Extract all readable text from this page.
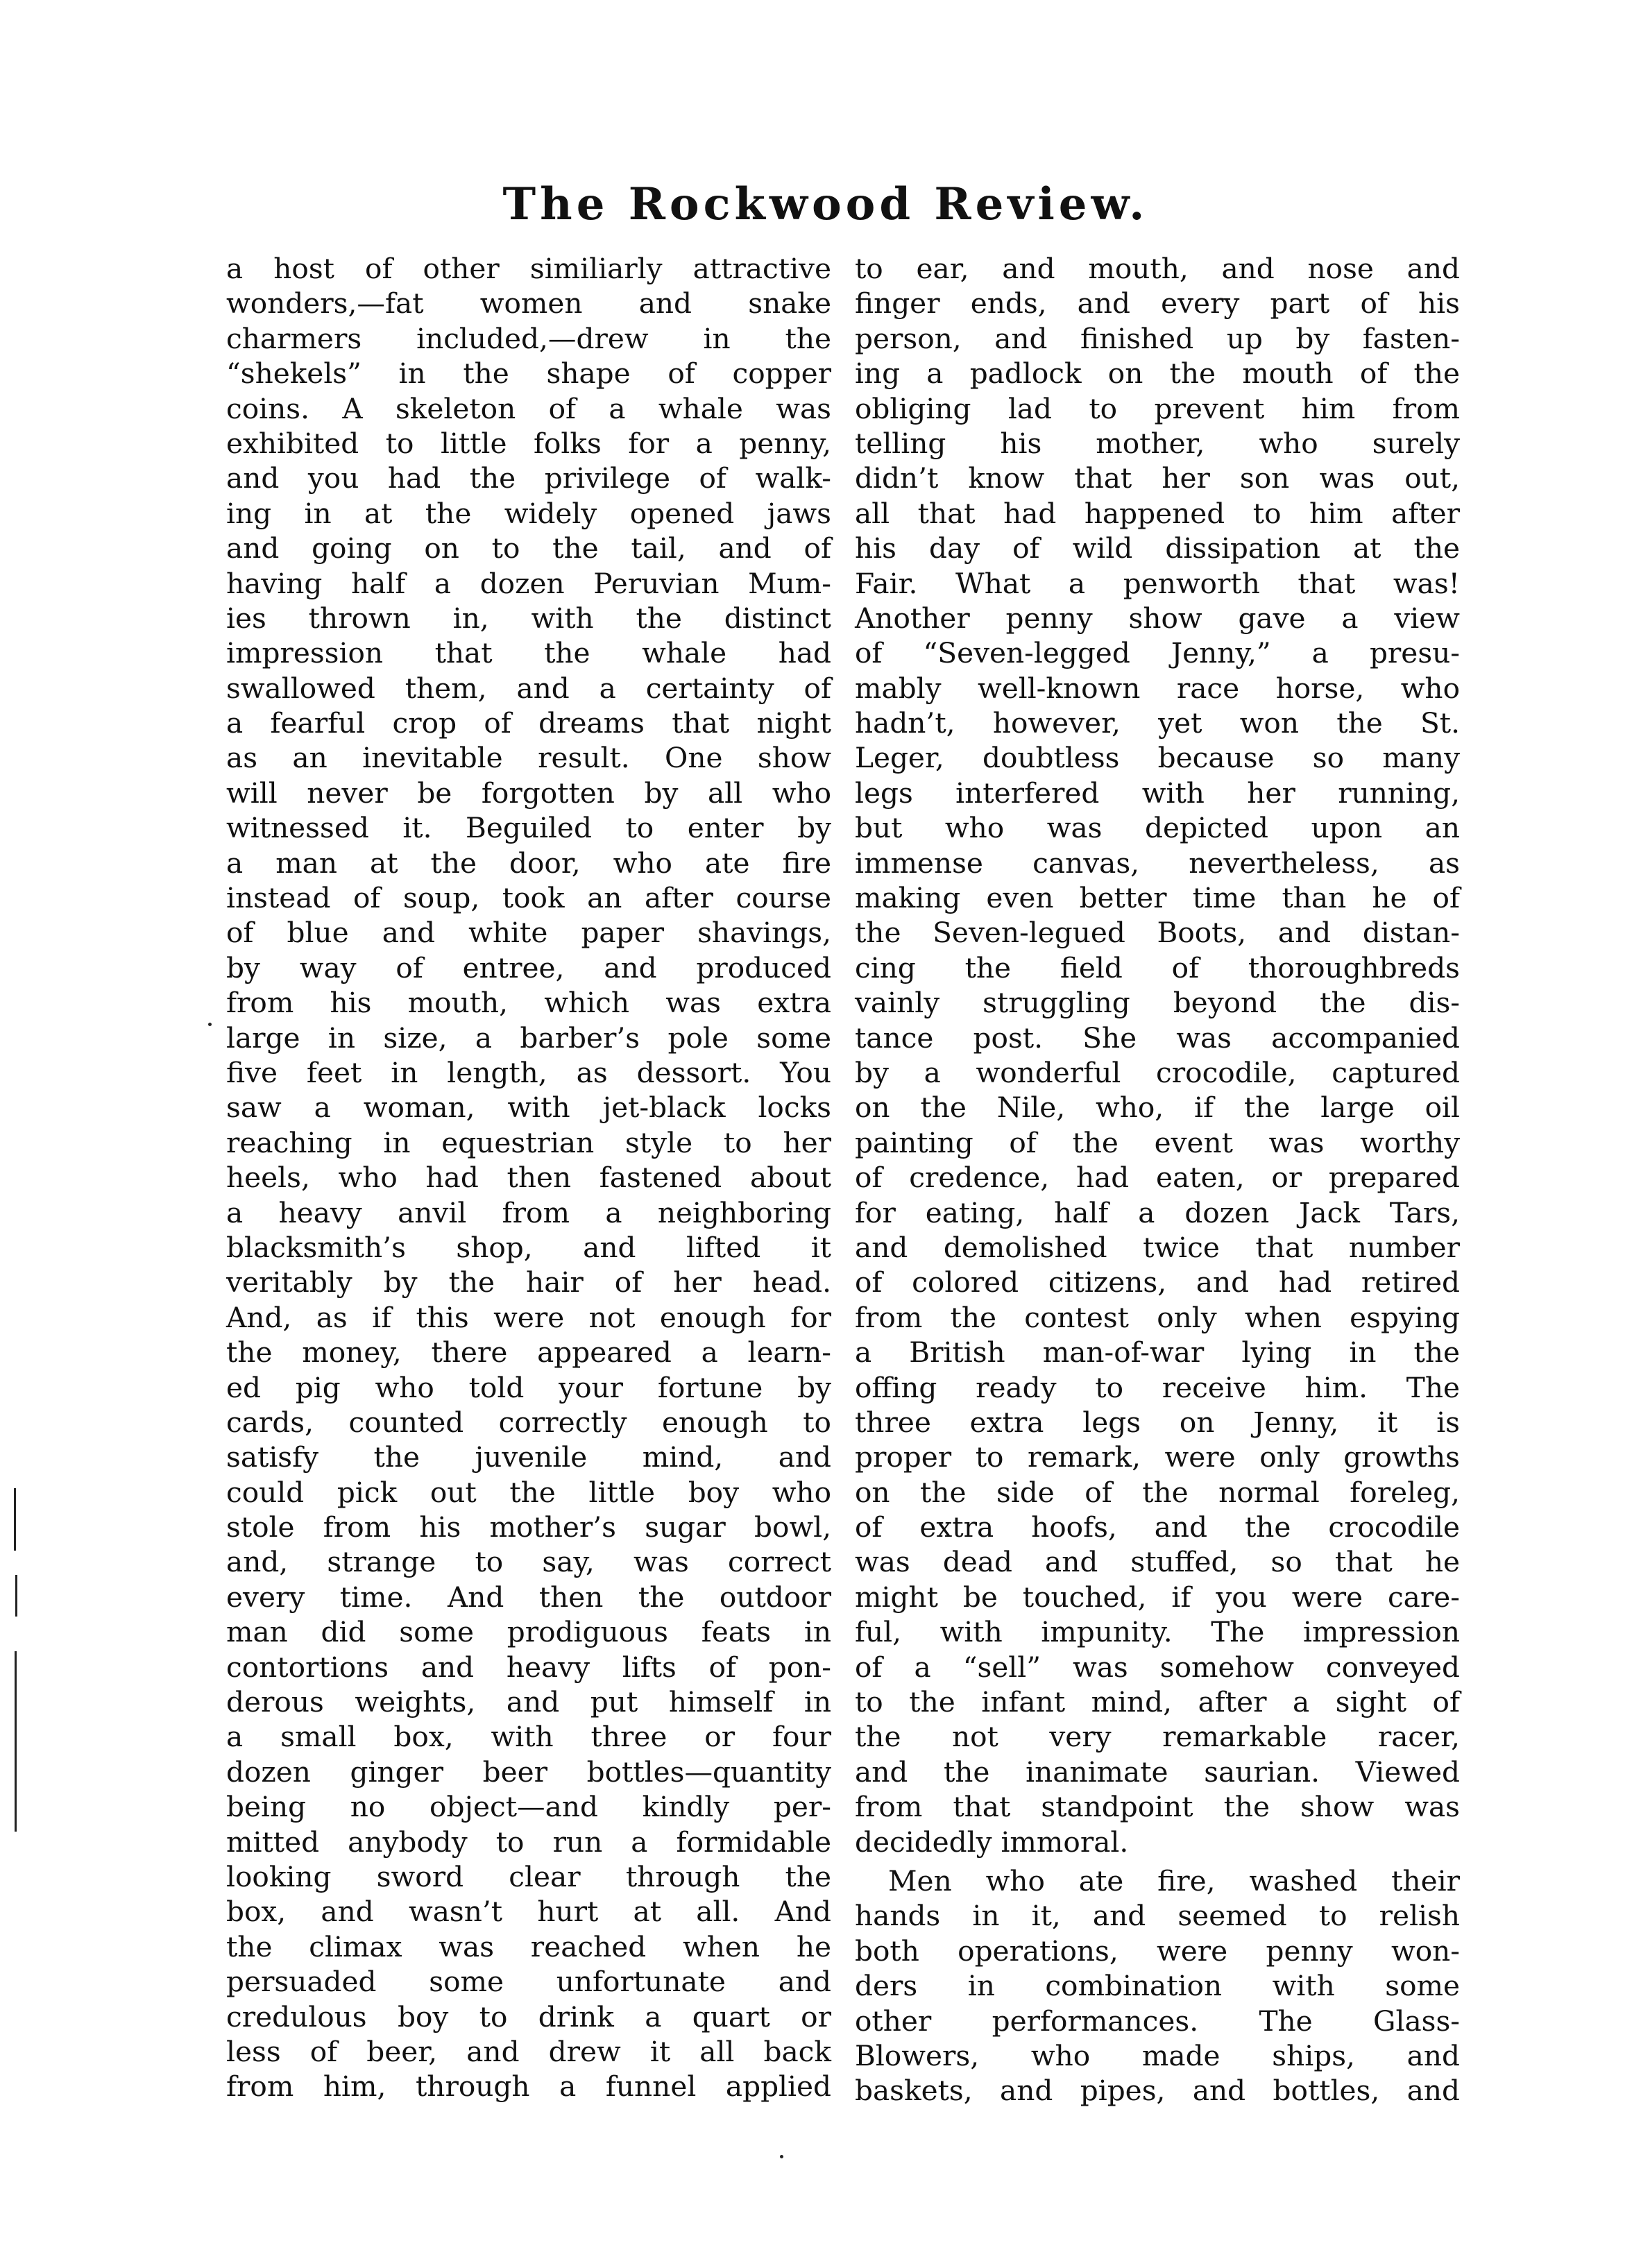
The Rockwood Review.
a host of other similiarly attractive
wonders,—fat women and snake
charmers included,—drew in the
“shekels” in the shape of copper
coins. A skeleton of a whale was
exhibited to little folks for a penny,
and you had the privilege of walk-
ing in at the widely opened jaws
and going on to the tail, and of
having half a dozen Peruvian Mum-
ies thrown in, with the distinct
impression that the whale had
swallowed them, and a certainty of
a fearful crop of dreams that night
as an inevitable result. One show
will never be forgotten by all who
witnessed it. Beguiled to enter by
a man at the door, who ate fire
instead of soup, took an after course
of blue and white paper shavings,
by way of entree, and produced
from his mouth, which was extra
large in size, a barber’s pole some
five feet in length, as dessort. You
saw a woman, with jet-black locks
reaching in equestrian style to her
heels, who had then fastened about
a heavy anvil from a neighboring
blacksmith’s shop, and lifted it
veritably by the hair of her head.
And, as if this were not enough for
the money, there appeared a learn-
ed pig who told your fortune by
cards, counted correctly enough to
satisfy the juvenile mind, and
could pick out the little boy who
stole from his mother’s sugar bowl,
and, strange to say, was correct
every time. And then the outdoor
man did some prodiguous feats in
contortions and heavy lifts of pon-
derous weights, and put himself in
a small box, with three or four
dozen ginger beer bottles—quantity
being no object—and kindly per-
mitted anybody to run a formidable
looking sword clear through the
box, and wasn’t hurt at all. And
the climax was reached when he
persuaded some unfortunate and
credulous boy to drink a quart or
less of beer, and drew it all back
from him, through a funnel applied
to ear, and mouth, and nose and
finger ends, and every part of his
person, and finished up by fasten-
ing a padlock on the mouth of the
obliging lad to prevent him from
telling his mother, who surely
didn’t know that her son was out,
all that had happened to him after
his day of wild dissipation at the
Fair. What a penworth that was!
Another penny show gave a view
of “Seven-legged Jenny,” a presu-
mably well-known race horse, who
hadn’t, however, yet won the St.
Leger, doubtless because so many
legs interfered with her running,
but who was depicted upon an
immense canvas, nevertheless, as
making even better time than he of
the Seven-legued Boots, and distan-
cing the field of thoroughbreds
vainly struggling beyond the dis-
tance post. She was accompanied
by a wonderful crocodile, captured
on the Nile, who, if the large oil
painting of the event was worthy
of credence, had eaten, or prepared
for eating, half a dozen Jack Tars,
and demolished twice that number
of colored citizens, and had retired
from the contest only when espying
a British man-of-war lying in the
offing ready to receive him. The
three extra legs on Jenny, it is
proper to remark, were only growths
on the side of the normal foreleg,
of extra hoofs, and the crocodile
was dead and stuffed, so that he
might be touched, if you were care-
ful, with impunity. The impression
of a “sell” was somehow conveyed
to the infant mind, after a sight of
the not very remarkable racer,
and the inanimate saurian. Viewed
from that standpoint the show was
decidedly immoral.
Men who ate fire, washed their
hands in it, and seemed to relish
both operations, were penny won-
ders in combination with some
other performances. The Glass-
Blowers, who made ships, and
baskets, and pipes, and bottles, and
